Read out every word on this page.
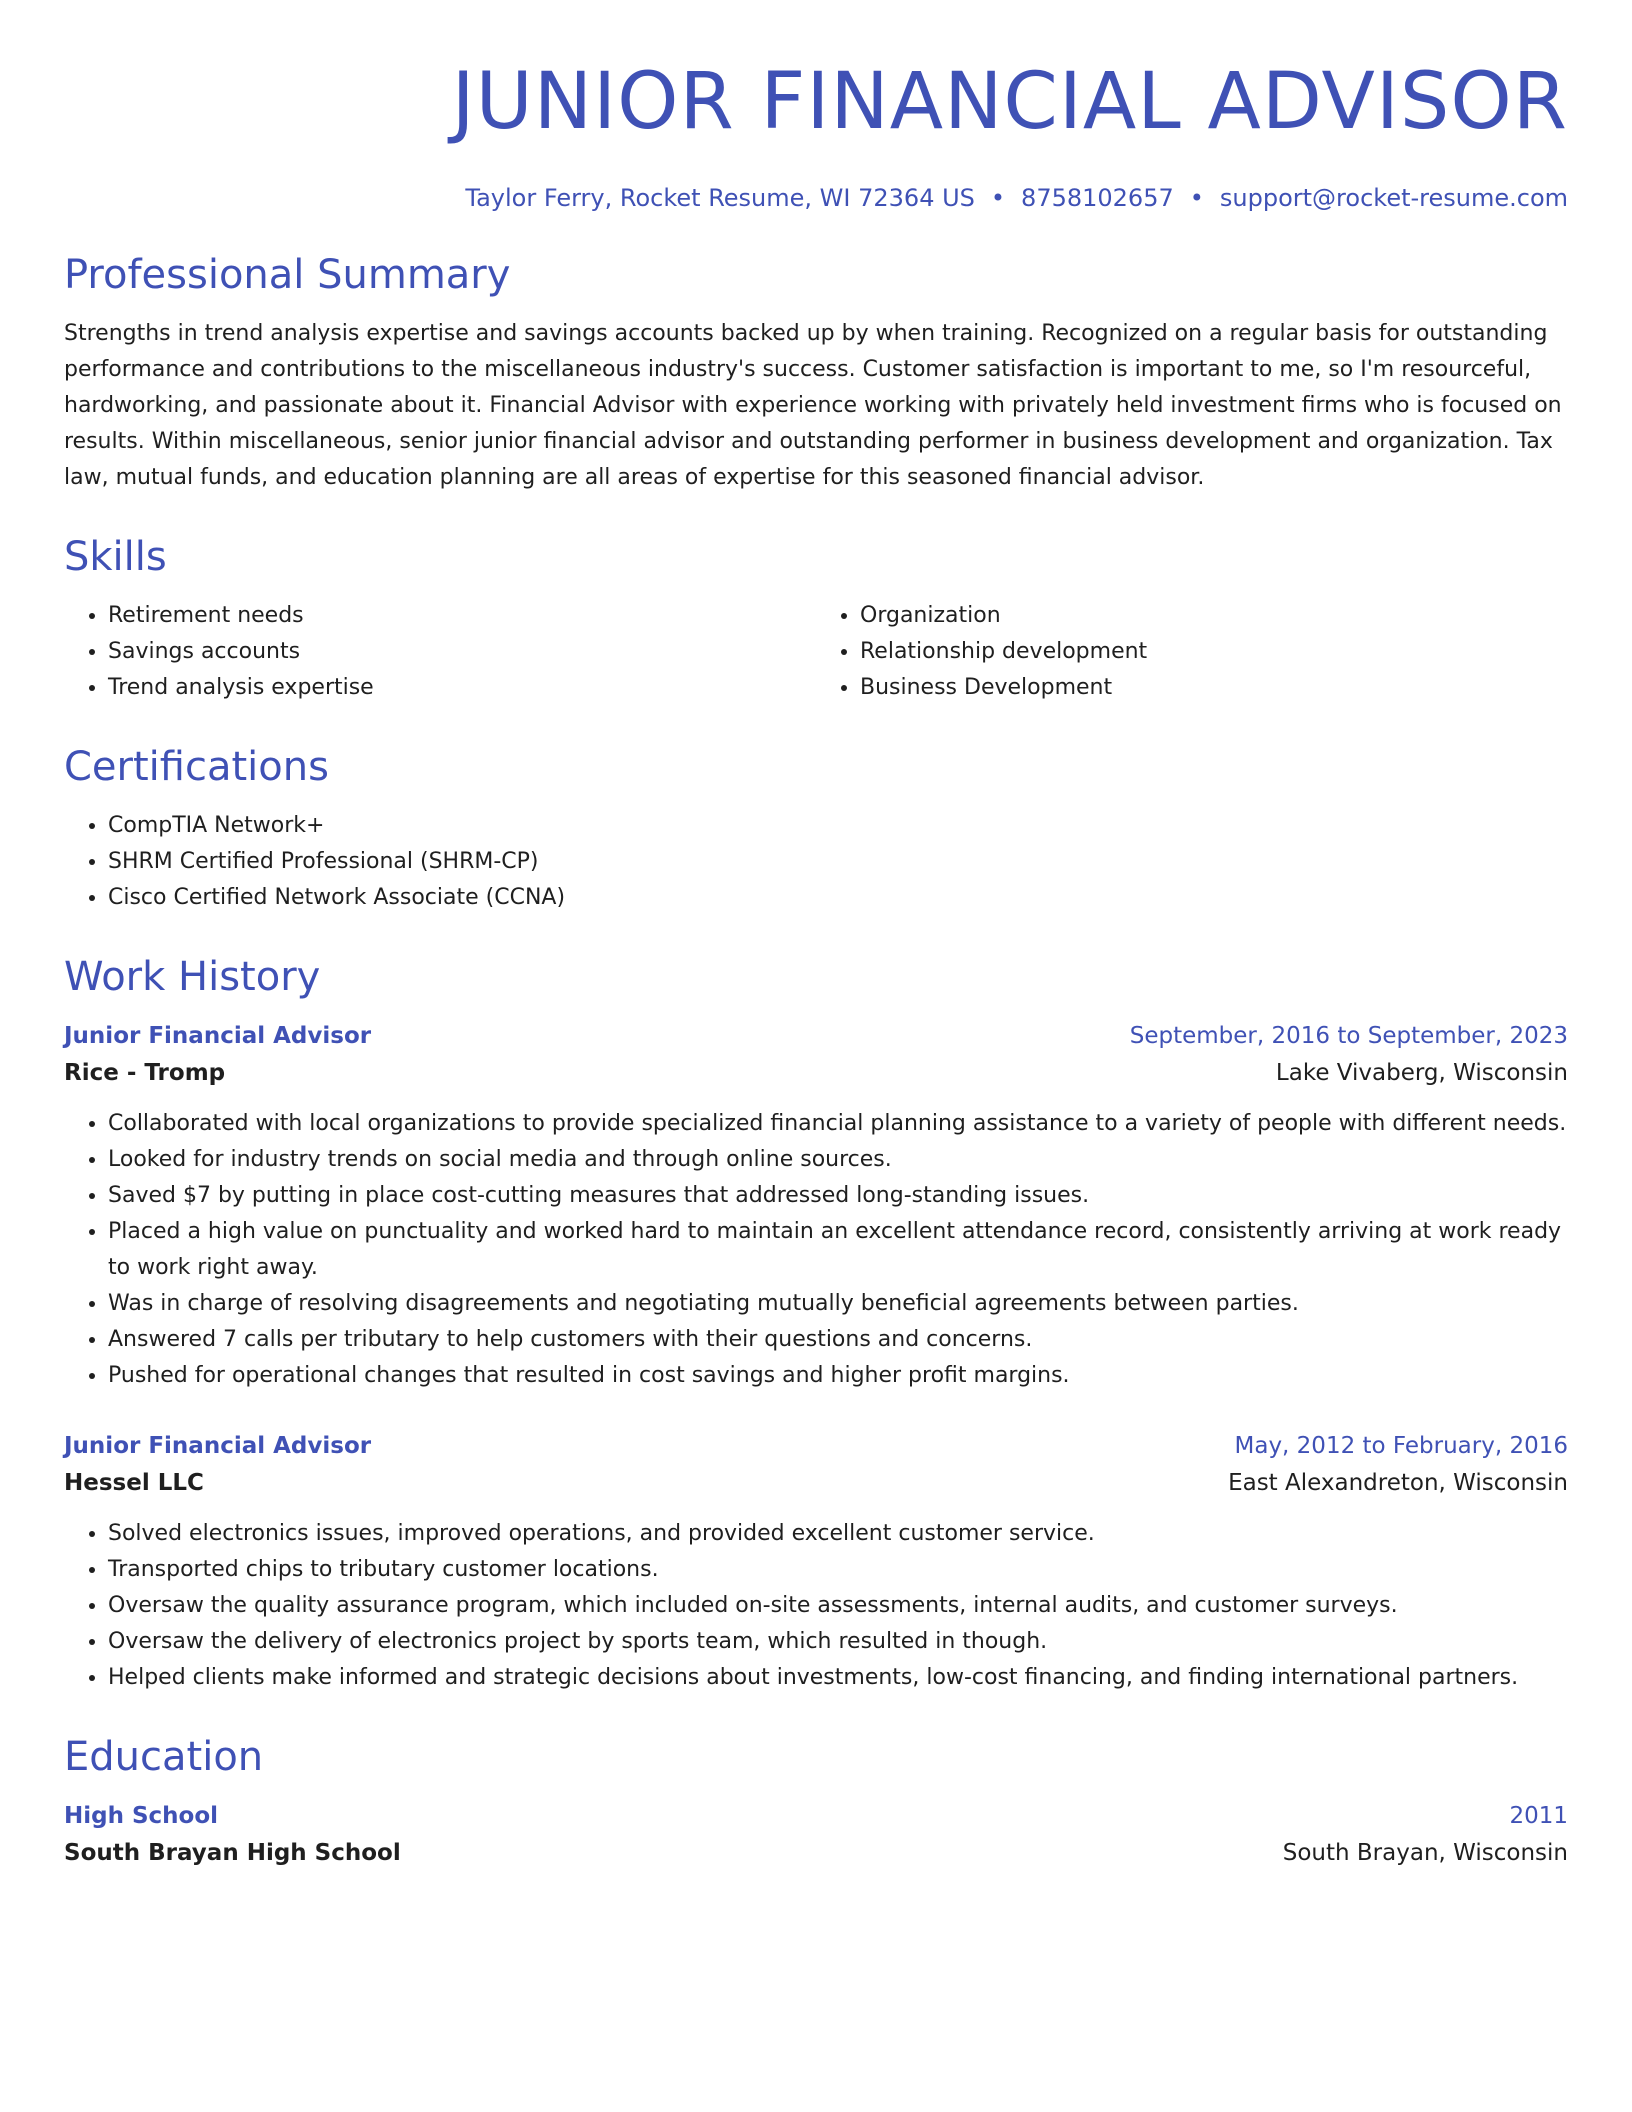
JUNIOR FINANCIAL ADVISOR
Taylor Ferry, Rocket Resume, WI 72364 US • 8758102657 • support@rocket-resume.com
Professional Summary

Strengths in trend analysis expertise and savings accounts backed up by when training. Recognized on a regular basis for outstanding performance and contributions to the miscellaneous industry's success. Customer satisfaction is important to me, so I'm resourceful, hardworking, and passionate about it. Financial Advisor with experience working with privately held investment firms who is focused on results. Within miscellaneous, senior junior financial advisor and outstanding performer in business development and organization. Tax law, mutual funds, and education planning are all areas of expertise for this seasoned financial advisor.

Skills
• Retirement needs
• Savings accounts
• Trend analysis expertise
• Organization
• Relationship development
• Business Development
Certifications
• CompTIA Network+
• SHRM Certified Professional (SHRM-CP)
• Cisco Certified Network Associate (CCNA)
Work History
Junior Financial Advisor	September, 2016 to September, 2023
Rice - Tromp	Lake Vivaberg, Wisconsin
• Collaborated with local organizations to provide specialized financial planning assistance to a variety of people with different needs.
• Looked for industry trends on social media and through online sources.
• Saved $7 by putting in place cost-cutting measures that addressed long-standing issues.
• Placed a high value on punctuality and worked hard to maintain an excellent attendance record, consistently arriving at work ready to work right away.
• Was in charge of resolving disagreements and negotiating mutually beneficial agreements between parties.
• Answered 7 calls per tributary to help customers with their questions and concerns.
• Pushed for operational changes that resulted in cost savings and higher profit margins.
Junior Financial Advisor	May, 2012 to February, 2016
Hessel LLC	East Alexandreton, Wisconsin
• Solved electronics issues, improved operations, and provided excellent customer service.
• Transported chips to tributary customer locations.
• Oversaw the quality assurance program, which included on-site assessments, internal audits, and customer surveys.
• Oversaw the delivery of electronics project by sports team, which resulted in though.
• Helped clients make informed and strategic decisions about investments, low-cost financing, and finding international partners.
Education
High School	2011
South Brayan High School	South Brayan, Wisconsin
